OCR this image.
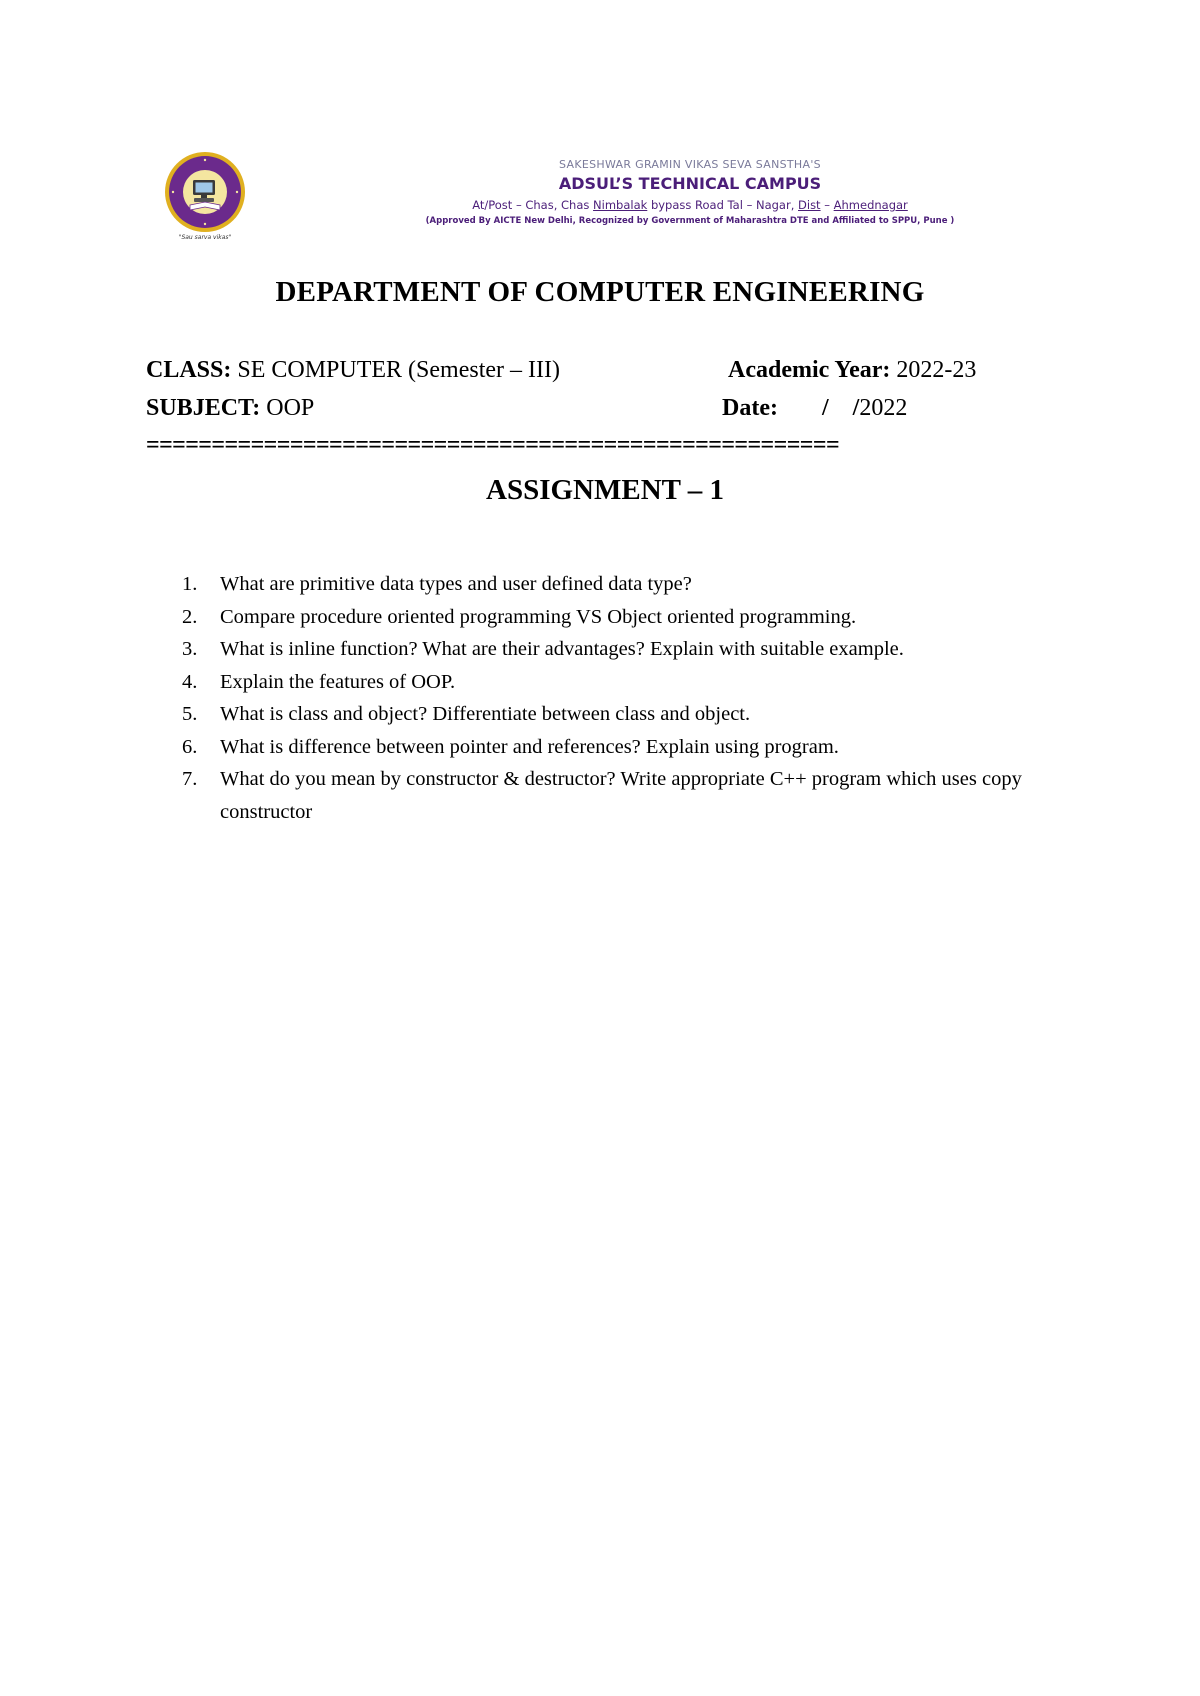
"Sau sarva vikas"
SAKESHWAR GRAMIN VIKAS SEVA SANSTHA'S
ADSUL’S TECHNICAL CAMPUS
At/Post – Chas, Chas Nimbalak bypass Road Tal – Nagar, Dist – Ahmednagar
(Approved By AICTE New Delhi, Recognized by Government of Maharashtra DTE and Affiliated to SPPU, Pune )
DEPARTMENT OF COMPUTER ENGINEERING
CLASS: SE COMPUTER (Semester – III)	Academic Year: 2022-23
SUBJECT: OOP	Date: / /2022
=====================================================
ASSIGNMENT – 1
1.	What are primitive data types and user defined data type?
2.	Compare procedure oriented programming VS Object oriented programming.
3.	What is inline function? What are their advantages? Explain with suitable example.
4.	Explain the features of OOP.
5.	What is class and object? Differentiate between class and object.
6.	What is difference between pointer and references? Explain using program.
7.	What do you mean by constructor & destructor? Write appropriate C++ program which uses copy constructor
